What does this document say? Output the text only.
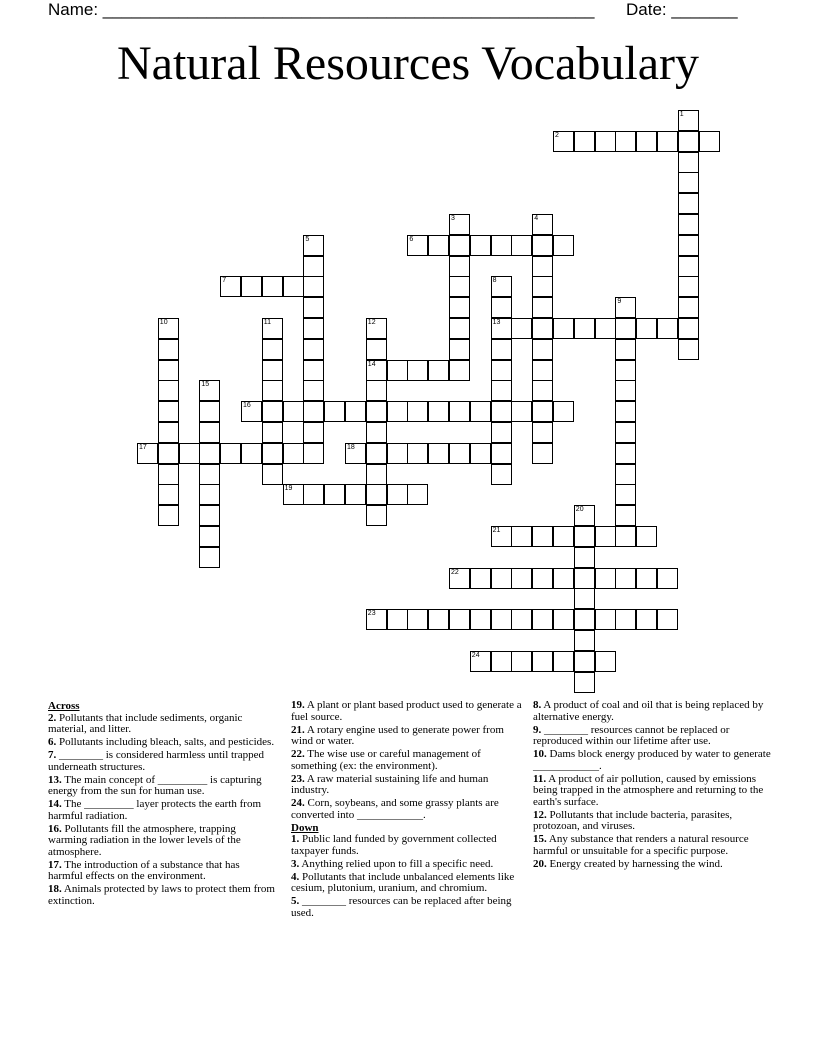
Name: ____________________________________________________ Date: _______
Natural Resources Vocabulary
1
2
3	4
5	6
7	8
13
9
10	11	12
14
15
16
17	18
19
20
21
22
23
24
Across
2. Pollutants that include sediments, organic material, and litter.
6. Pollutants including bleach, salts, and pesticides.
7. ________ is considered harmless until trapped underneath structures.
13. The main concept of _________ is capturing energy from the sun for human use.
14. The _________ layer protects the earth from harmful radiation.
16. Pollutants fill the atmosphere, trapping warming radiation in the lower levels of the atmosphere.
17. The introduction of a substance that has harmful effects on the environment.
18. Animals protected by laws to protect them from extinction.
19. A plant or plant based product used to generate a fuel source.
21. A rotary engine used to generate power from wind or water.
22. The wise use or careful management of something (ex: the environment).
23. A raw material sustaining life and human industry.
24. Corn, soybeans, and some grassy plants are converted into ____________.
Down
1. Public land funded by government collected taxpayer funds.
3. Anything relied upon to fill a specific need.
4. Pollutants that include unbalanced elements like cesium, plutonium, uranium, and chromium.
5. ________ resources can be replaced after being used.
8. A product of coal and oil that is being replaced by alternative energy.
9. ________ resources cannot be replaced or reproduced within our lifetime after use.
10. Dams block energy produced by water to generate ____________.
11. A product of air pollution, caused by emissions being trapped in the atmosphere and returning to the earth's surface.
12. Pollutants that include bacteria, parasites, protozoan, and viruses.
15. Any substance that renders a natural resource harmful or unsuitable for a specific purpose.
20. Energy created by harnessing the wind.
